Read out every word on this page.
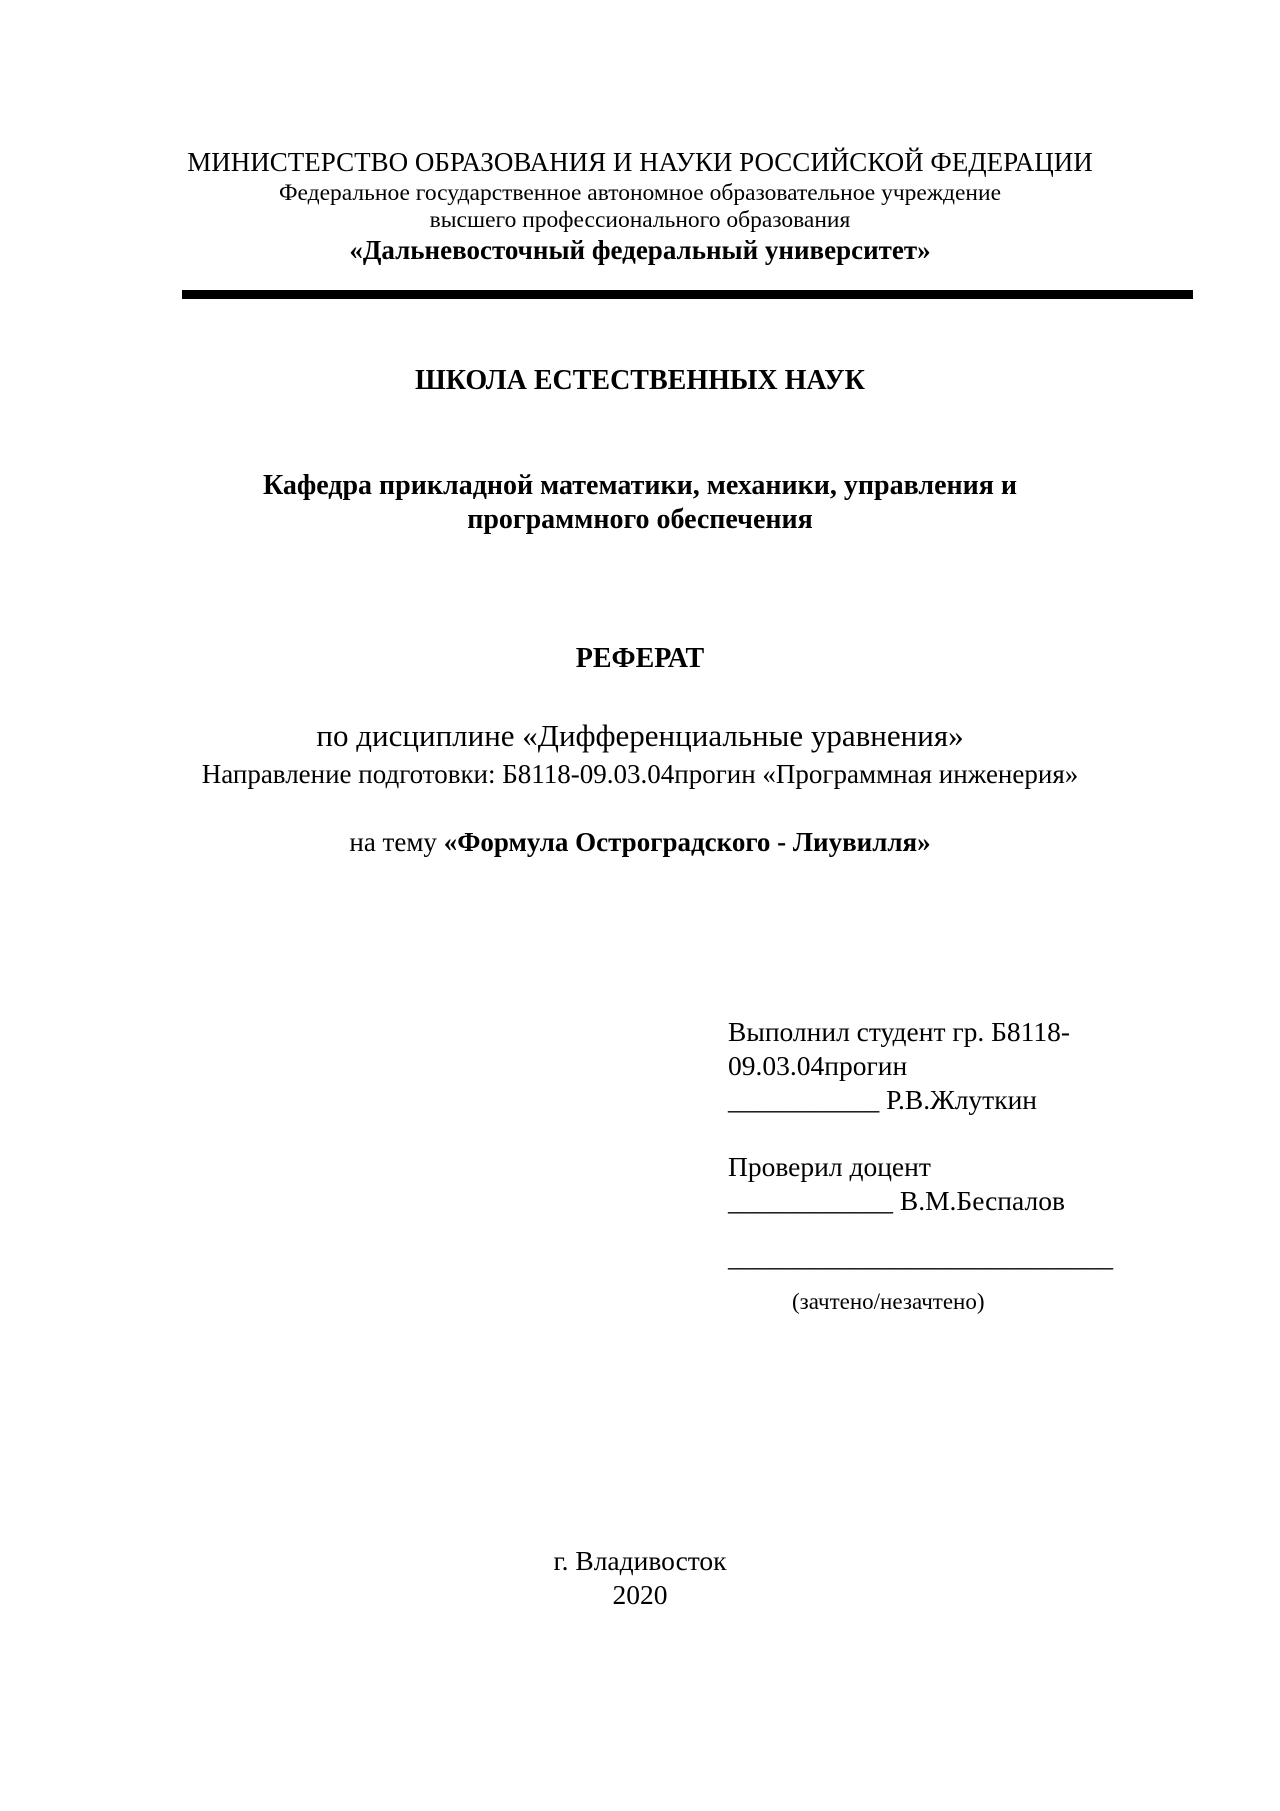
МИНИСТЕРСТВО ОБРАЗОВАНИЯ И НАУКИ РОССИЙСКОЙ ФЕДЕРАЦИИ
Федеральное государственное автономное образовательное учреждение
высшего профессионального образования
«Дальневосточный федеральный университет»
ШКОЛА ЕСТЕСТВЕННЫХ НАУК
Кафедра прикладной математики, механики, управления и
программного обеспечения
РЕФЕРАТ
по дисциплине «Дифференциальные уравнения»
Направление подготовки: Б8118-09.03.04прогин «Программная инженерия»
на тему «Формула Остроградского - Лиувилля»
Выполнил студент гр. Б8118-
09.03.04прогин
___________ Р.В.Жлуткин
Проверил доцент
____________ В.М.Беспалов
____________________________
(зачтено/незачтено)
г. Владивосток
2020
